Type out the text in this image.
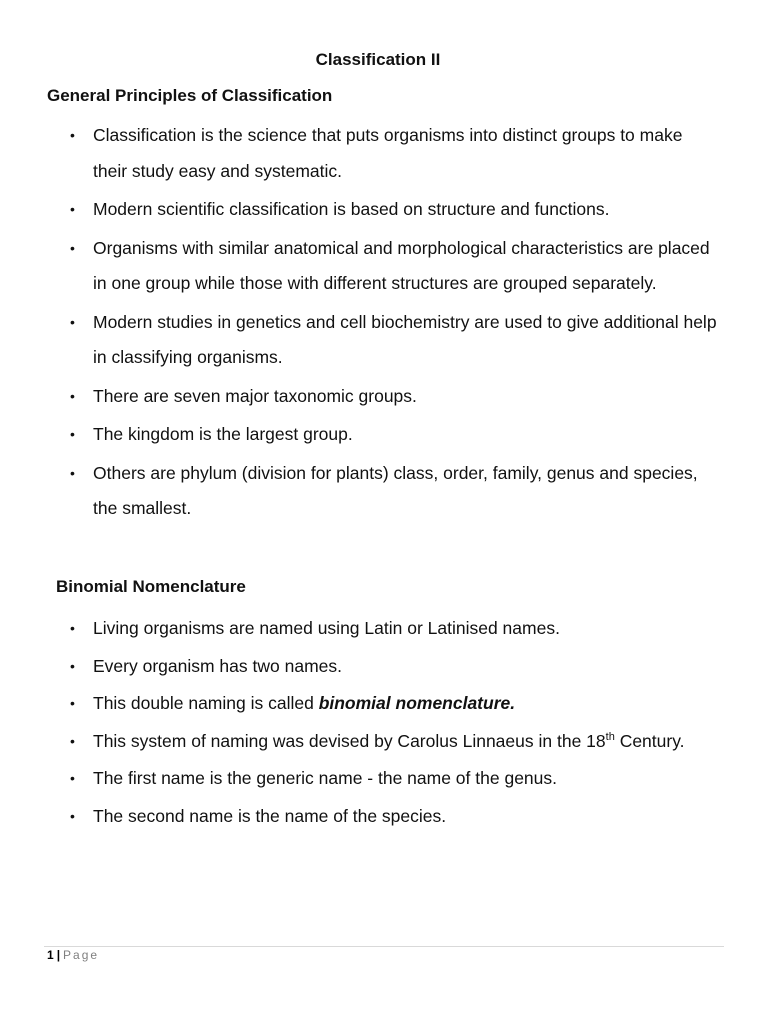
Classification II
General Principles of Classification
• Classification is the science that puts organisms into distinct groups to make their study easy and systematic.
• Modern scientific classification is based on structure and functions.
• Organisms with similar anatomical and morphological characteristics are placed in one group while those with different structures are grouped separately.
• Modern studies in genetics and cell biochemistry are used to give additional help in classifying organisms.
• There are seven major taxonomic groups.
• The kingdom is the largest group.
• Others are phylum (division for plants) class, order, family, genus and species, the smallest.
Binomial Nomenclature
• Living organisms are named using Latin or Latinised names.
• Every organism has two names.
• This double naming is called binomial nomenclature.
• This system of naming was devised by Carolus Linnaeus in the 18th Century.
• The first name is the generic name - the name of the genus.
• The second name is the name of the species.
1 | Page
